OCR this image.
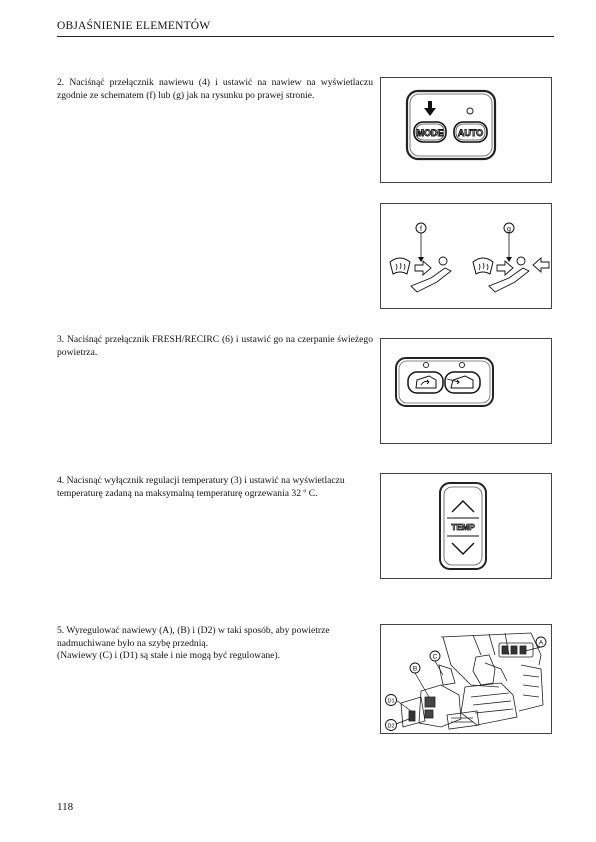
OBJAŚNIENIE ELEMENTÓW

2. Naciśnąć przełącznik nawiewu (4) i ustawić na nawiew na wyświetlaczu zgodnie ze schematem (f) lub (g) jak na rysunku po prawej stronie.

3. Naciśnąć przełącznik FRESH/RECIRC (6) i ustawić go na czerpanie świeżego powietrza.

4. Nacisnąć wyłącznik regulacji temperatury (3) i ustawić na wyświetlaczu temperaturę zadaną na maksymalną temperaturę ogrzewania 32 º C.

5. Wyregulować nawiewy (A), (B) i (D2) w taki sposób, aby powietrze nadmuchiwane było na szybę przednią.

(Nawiewy (C) i (D1) są stałe i nie mogą być regulowane).

MODE AUTO
f	g
TEMP
A
B
C
D1
D2
118
